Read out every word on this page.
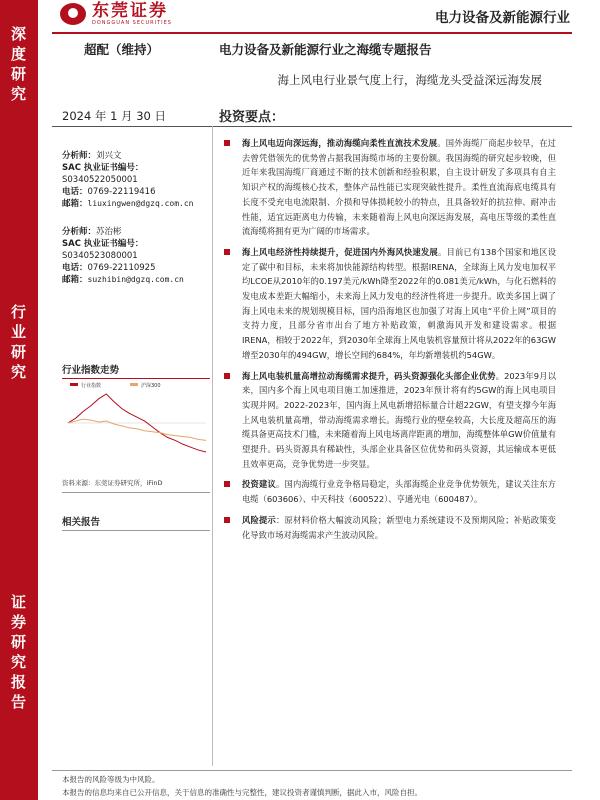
深
度
研
究
行
业
研
究
证
券
研
究
报
告
东莞证券
DONGGUAN SECURITIES	电力设备及新能源行业
超配（维持）	电力设备及新能源行业之海缆专题报告
海上风电行业景气度上行，海缆龙头受益深远海发展
2024 年 1 月 30 日	投资要点：
分析师：刘兴文
SAC 执业证书编号：
S0340522050001
电话：0769-22119416
邮箱：liuxingwen@dgzq.com.cn
分析师：苏治彬
SAC 执业证书编号：
S0340523080001
电话：0769-22110925
邮箱：suzhibin@dgzq.com.cn
行业指数走势
行业指数	沪深300
资料来源：东莞证券研究所，iFinD
相关报告
海上风电迈向深远海，推动海缆向柔性直流技术发展。国外海缆厂商起步较早，在过去曾凭借领先的优势曾占据我国海缆市场的主要份额。我国海缆的研究起步较晚，但近年来我国海缆厂商通过不断的技术创新和经验积累，自主设计研发了多项具有自主知识产权的海缆核心技术，整体产品性能已实现突破性提升。柔性直流海底电缆具有长度不受充电电流限制、介损和导体损耗较小的特点，且具备较好的抗拉伸、耐冲击性能，适宜远距离电力传输，未来随着海上风电向深远海发展，高电压等级的柔性直流海缆将拥有更为广阔的市场需求。
海上风电经济性持续提升，促进国内外海风快速发展。目前已有138个国家和地区设定了碳中和目标，未来将加快能源结构转型。根据IRENA，全球海上风力发电加权平均LCOE从2010年的0.197美元/kWh降至2022年的0.081美元/kWh，与化石燃料的发电成本差距大幅缩小，未来海上风力发电的经济性将进一步提升。欧美多国上调了海上风电未来的规划规模目标，国内沿海地区也加强了对海上风电“平价上网”项目的支持力度，且部分省市出台了地方补贴政策，刺激海风开发和建设需求。根据IRENA，相较于2022年，到2030年全球海上风电装机容量预计将从2022年的63GW增至2030年的494GW，增长空间约684%，年均新增装机约54GW。
海上风电装机量高增拉动海缆需求提升，码头资源强化头部企业优势。2023年9月以来，国内多个海上风电项目施工加速推进，2023年预计将有约5GW的海上风电项目实现并网。2022-2023年，国内海上风电新增招标量合计超22GW，有望支撑今年海上风电装机量高增，带动海缆需求增长。海缆行业的壁垒较高，大长度及超高压的海缆具备更高技术门槛，未来随着海上风电场离岸距离的增加，海缆整体单GW价值量有望提升。码头资源具有稀缺性，头部企业具备区位优势和码头资源，其运输成本更低且效率更高，竞争优势进一步突显。
投资建议。国内海缆行业竞争格局稳定，头部海缆企业竞争优势领先，建议关注东方电缆（603606）、中天科技（600522）、亨通光电（600487）。
风险提示：原材料价格大幅波动风险；新型电力系统建设不及预期风险；补贴政策变化导致市场对海缆需求产生波动风险。
本报告的风险等级为中风险。
本报告的信息均来自已公开信息，关于信息的准确性与完整性，建议投资者谨慎判断，据此入市，风险自担。
